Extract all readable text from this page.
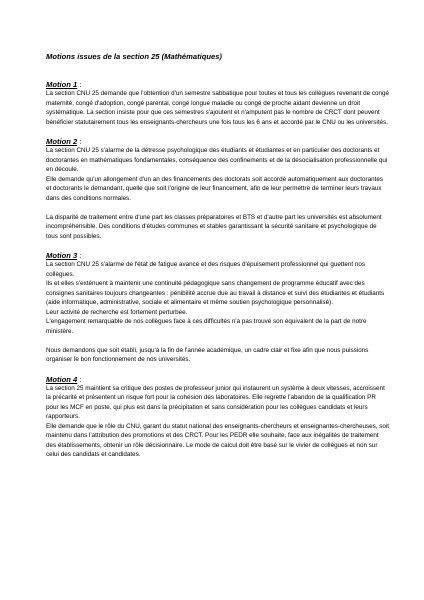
Motions issues de la section 25 (Mathématiques)
Motion 1 :
La section CNU 25 demande que l'obtention d'un semestre sabbatique pour toutes et tous les collègues revenant de congé maternité, congé d'adoption, congé parental, congé longue maladie ou congé de proche aidant devienne un droit systématique. La section insiste pour que ces semestres s'ajoutent et n'amputent pas le nombre de CRCT dont peuvent bénéficier statutairement tous les enseignants-chercheurs une fois tous les 6 ans et accordé par le CNU ou les universités.
Motion 2 :
La section CNU 25 s'alarme de la détresse psychologique des étudiants et étudiantes et en particulier des doctorants et doctorantes en mathématiques fondamentales, conséquence des confinements et de la désocialisation professionnelle qui en découle.
Elle demande qu'un allongement d'un an des financements des doctorats soit accordé automatiquement aux doctorantes et doctorants le demandant, quelle que soit l'origine de leur financement, afin de leur permettre de terminer leurs travaux dans des conditions normales.
La disparité de traitement entre d'une part les classes préparatoires et BTS et d'autre part les universités est absolument incompréhensible. Des conditions d'études communes et stables garantissant la sécurité sanitaire et psychologique de tous sont possibles.
Motion 3 :
La section CNU 25 s'alarme de l'état de fatigue avancé et des risques d'épuisement professionnel qui guettent nos collègues.
Ils et elles s'exténuent à maintenir une continuité pédagogique sans changement de programme éducatif avec des consignes sanitaires toujours changeantes : pénibilité accrue due au travail à distance et suivi des étudiantes et étudiants (aide informatique, administrative, sociale et alimentaire et même soutien psychologique personnalisé).
Leur activité de recherche est fortement perturbée.
L'engagement remarquable de nos collègues face à ces difficultés n'a pas trouvé son équivalent de la part de notre ministère.
Nous demandons que soit établi, jusqu'à la fin de l'année académique, un cadre clair et fixe afin que nous puissions organiser le bon fonctionnement de nos universités.
Motion 4 :
La section 25 maintient sa critique des postes de professeur junior qui instaurent un système à deux vitesses, accroissent la précarité et présentent un risque fort pour la cohésion des laboratoires. Elle regrette l'abandon de la qualification PR pour les MCF en poste, qui plus est dans la précipitation et sans considération pour les collègues candidats et leurs rapporteurs.
Elle demande que le rôle du CNU, garant du statut national des enseignants-chercheurs et enseignantes-chercheuses, soit maintenu dans l'attribution des promotions et des CRCT. Pour les PEDR elle souhaite, face aux inégalités de traitement des établissements, obtenir un rôle décisionnaire. Le mode de calcul doit être basé sur le vivier de collègues et non sur celui des candidats et candidates.
